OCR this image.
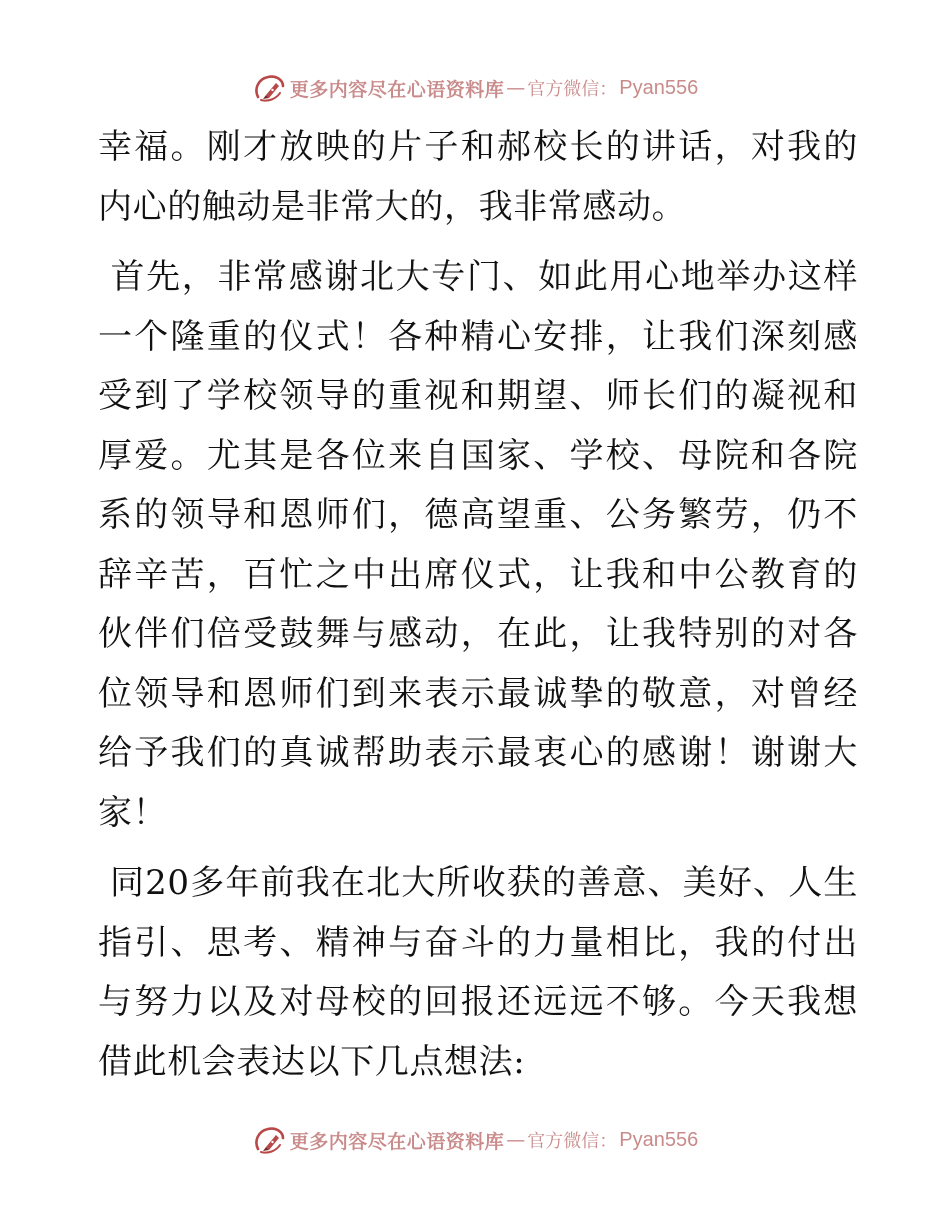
更多内容尽在心语资料库 — 官方微信： Pyan556

幸福。刚才放映的片子和郝校长的讲话，对我的内心的触动是非常大的，我非常感动。

首先，非常感谢北大专门、如此用心地举办这样一个隆重的仪式！各种精心安排，让我们深刻感受到了学校领导的重视和期望、师长们的凝视和厚爱。尤其是各位来自国家、学校、母院和各院系的领导和恩师们，德高望重、公务繁劳，仍不辞辛苦，百忙之中出席仪式，让我和中公教育的伙伴们倍受鼓舞与感动，在此，让我特别的对各位领导和恩师们到来表示最诚挚的敬意，对曾经给予我们的真诚帮助表示最衷心的感谢！谢谢大家！

同20多年前我在北大所收获的善意、美好、人生指引、思考、精神与奋斗的力量相比，我的付出与努力以及对母校的回报还远远不够。今天我想借此机会表达以下几点想法:

更多内容尽在心语资料库 — 官方微信： Pyan556
